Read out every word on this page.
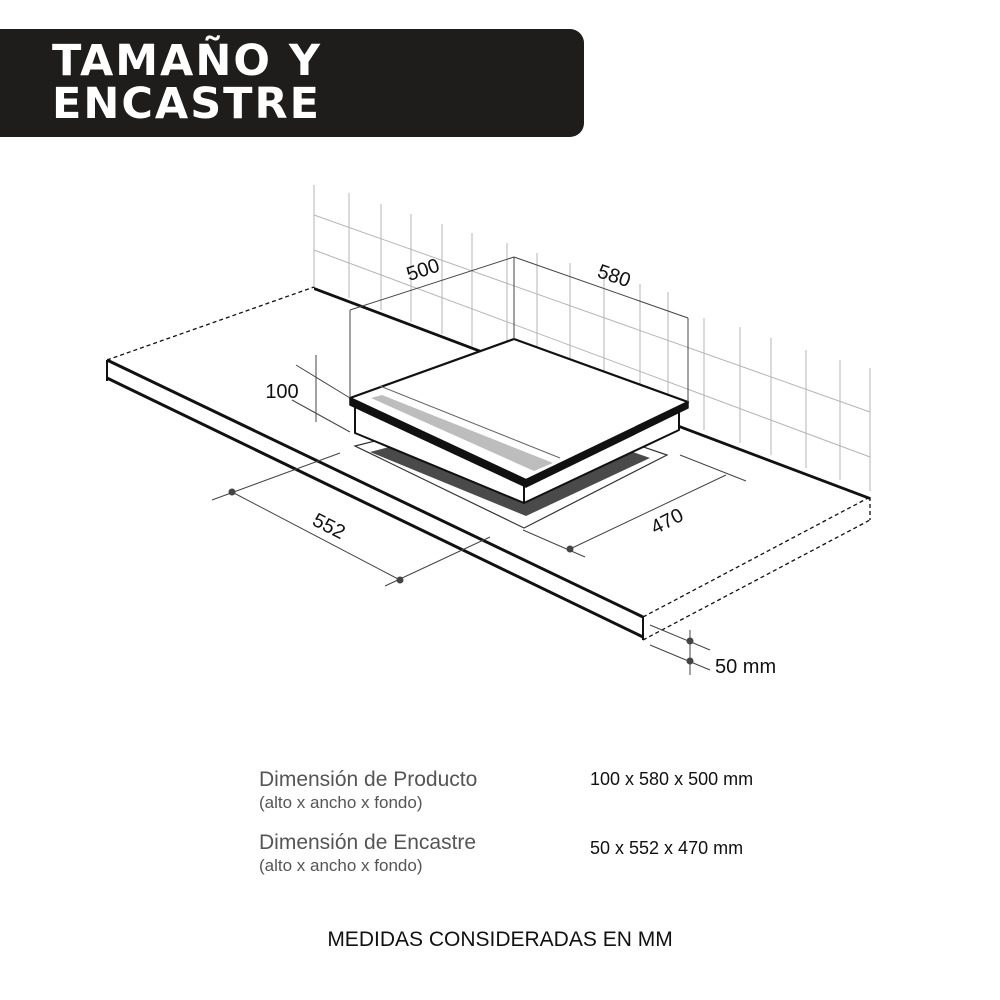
TAMAÑO Y ENCASTRE
500	580
100
552	470
50 mm
Dimensión de Producto
(alto x ancho x fondo)
100 x 580 x 500 mm
Dimensión de Encastre
(alto x ancho x fondo)
50 x 552 x 470 mm
MEDIDAS CONSIDERADAS EN MM
